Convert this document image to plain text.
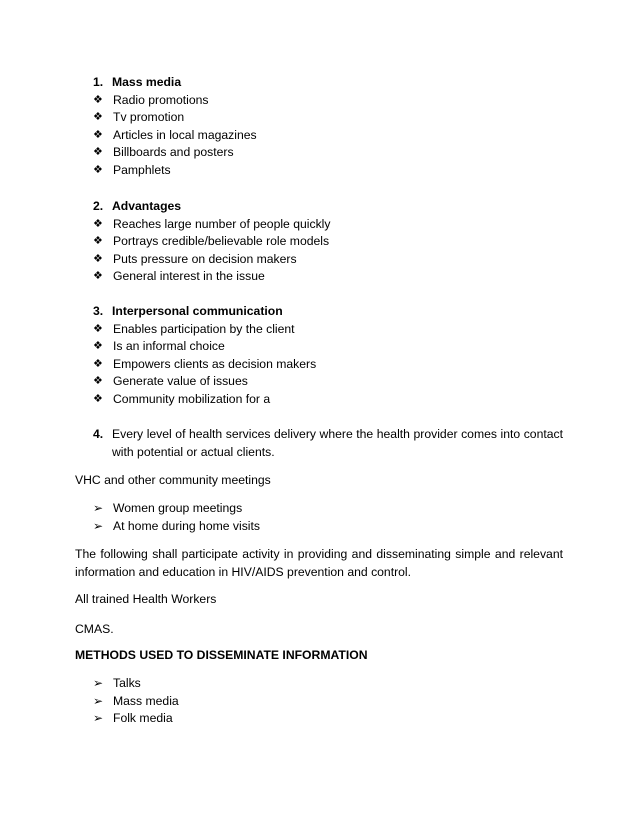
1. Mass media
❖ Radio promotions
❖ Tv promotion
❖ Articles in local magazines
❖ Billboards and posters
❖ Pamphlets
2. Advantages
❖ Reaches large number of people quickly
❖ Portrays credible/believable role models
❖ Puts pressure on decision makers
❖ General interest in the issue
3. Interpersonal communication
❖ Enables participation by the client
❖ Is an informal choice
❖ Empowers clients as decision makers
❖ Generate value of issues
❖ Community mobilization for a
4. Every level of health services delivery where the health provider comes into contact with potential or actual clients.
VHC and other community meetings
➢ Women group meetings
➢ At home during home visits
The following shall participate activity in providing and disseminating simple and relevant information and education in HIV/AIDS prevention and control.
All trained Health Workers
CMAS.
METHODS USED TO DISSEMINATE INFORMATION
➢ Talks
➢ Mass media
➢ Folk media
